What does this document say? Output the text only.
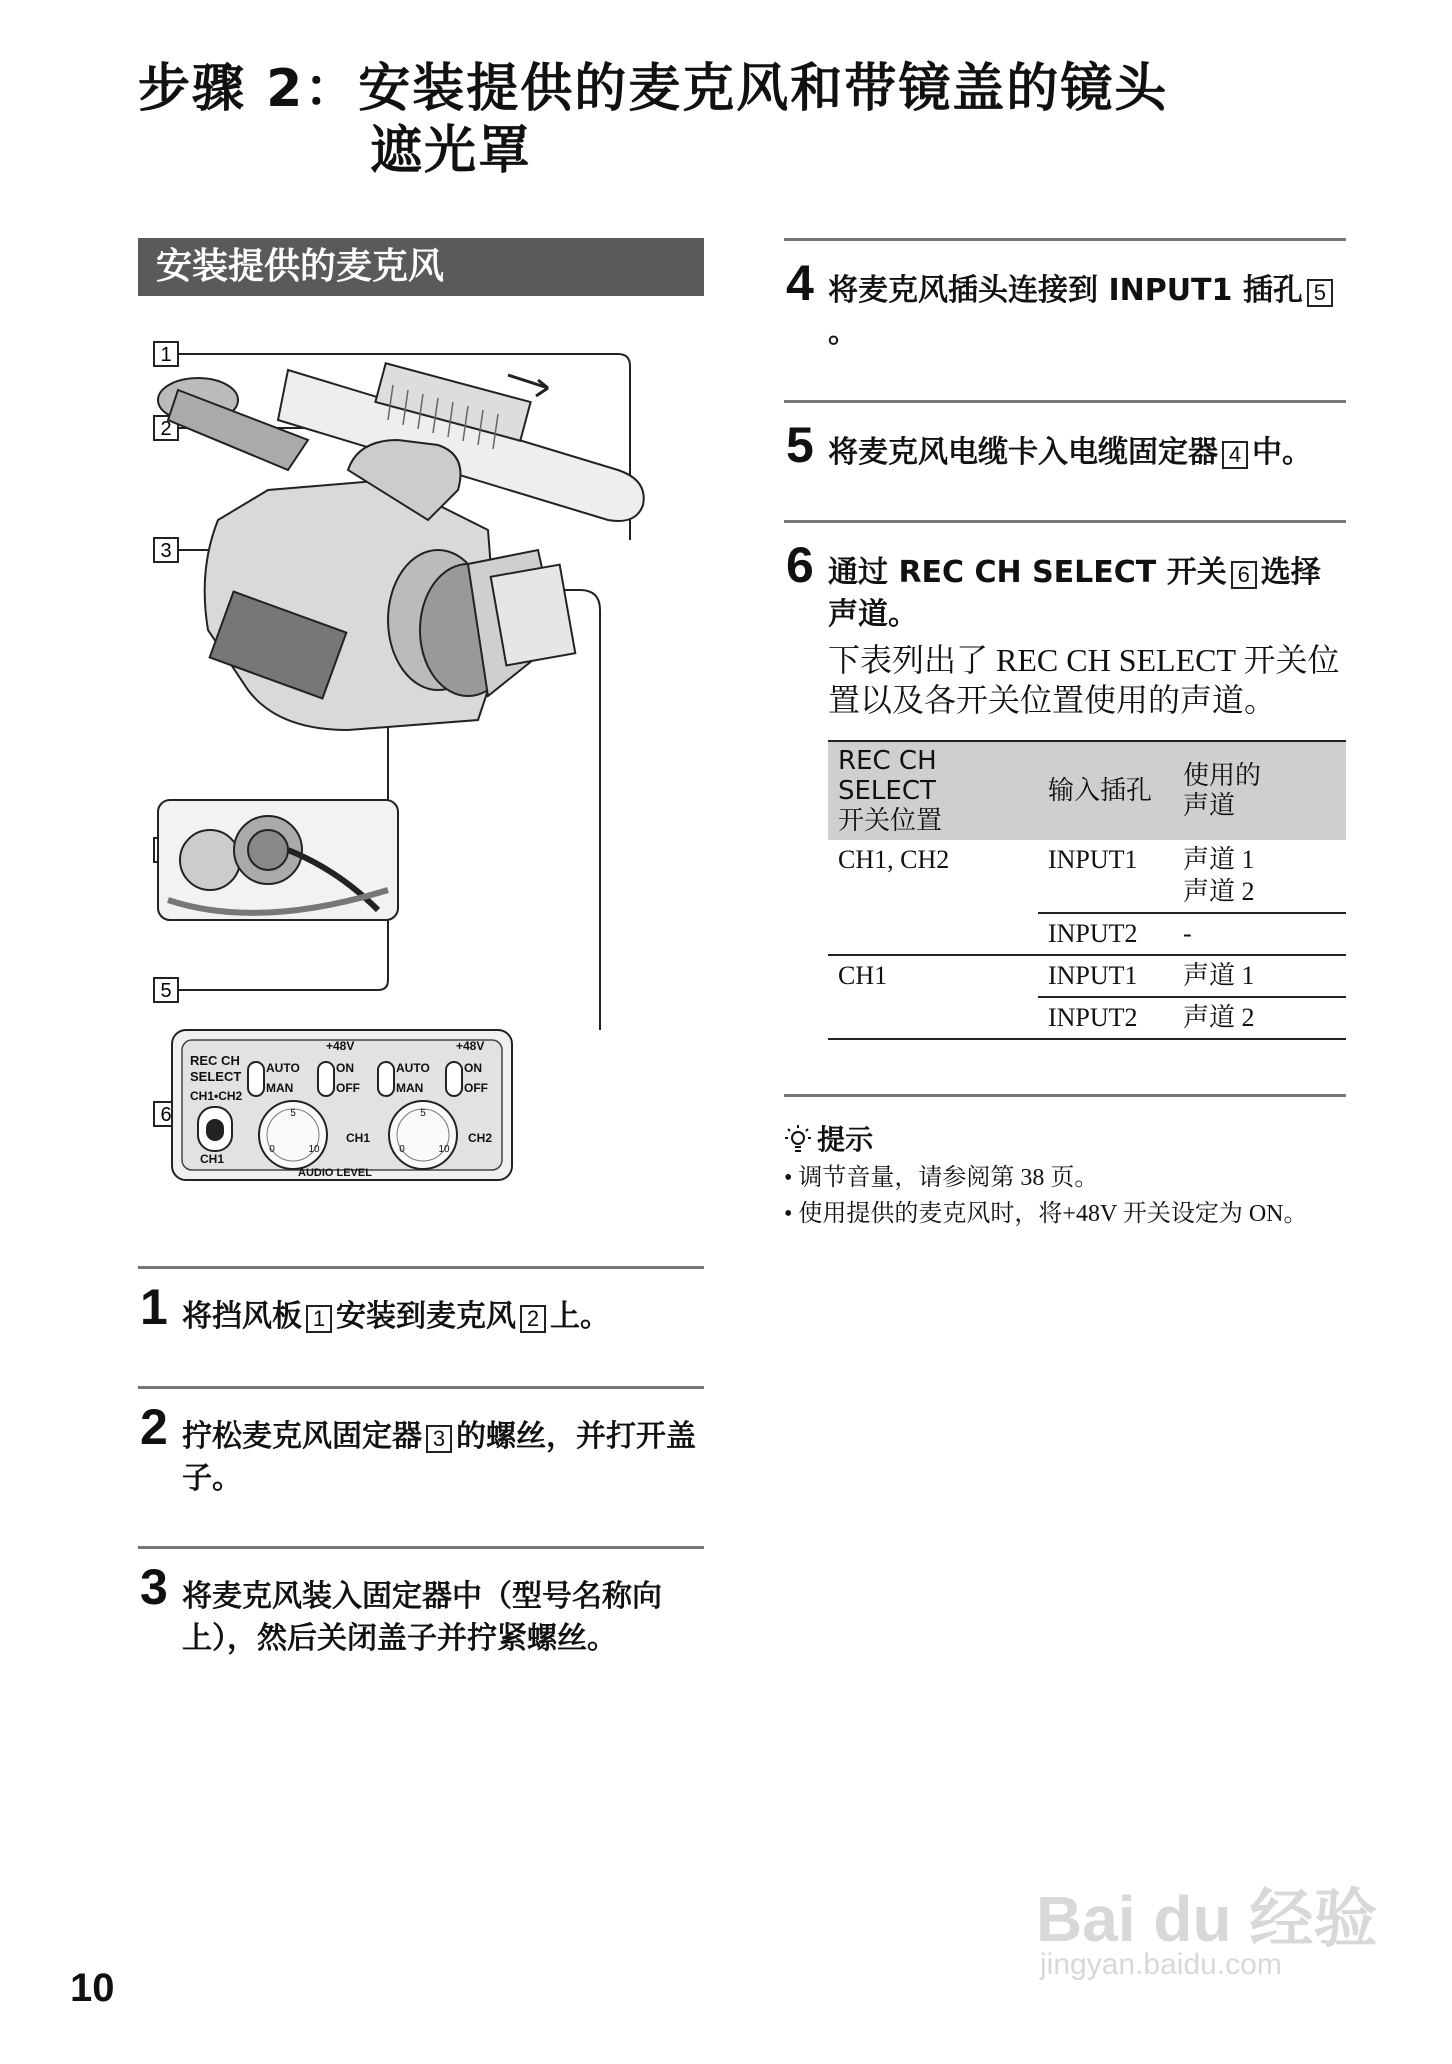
步骤 2：安装提供的麦克风和带镜盖的镜头
遮光罩
安装提供的麦克风
1
2
3
5
6
REC CH SELECT
CH1•CH2
CH1
+48V
AUTO
MAN
ON
OFF
CH1
+48V
AUTO
MAN
ON
OFF
CH2
AUDIO LEVEL
5
0	10
5
0	10
1 将挡风板 1 安装到麦克风 2 上。
2 拧松麦克风固定器 3 的螺丝，并打开盖子。
3 将麦克风装入固定器中（型号名称向上），然后关闭盖子并拧紧螺丝。
4 将麦克风插头连接到 INPUT1 插孔 5。
5 将麦克风电缆卡入电缆固定器 4 中。
6 通过 REC CH SELECT 开关 6 选择声道。
下表列出了 REC CH SELECT 开关位置以及各开关位置使用的声道。
REC CH SELECT
开关位置	输入插孔	使用的
声道
CH1, CH2	INPUT1	声道 1
声道 2
	INPUT2	-
CH1	INPUT1	声道 1
	INPUT2	声道 2
提示
• 调节音量，请参阅第 38 页。
• 使用提供的麦克风时，将+48V 开关设定为 ON。
Bai du 经验
jingyan.baidu.com
10
